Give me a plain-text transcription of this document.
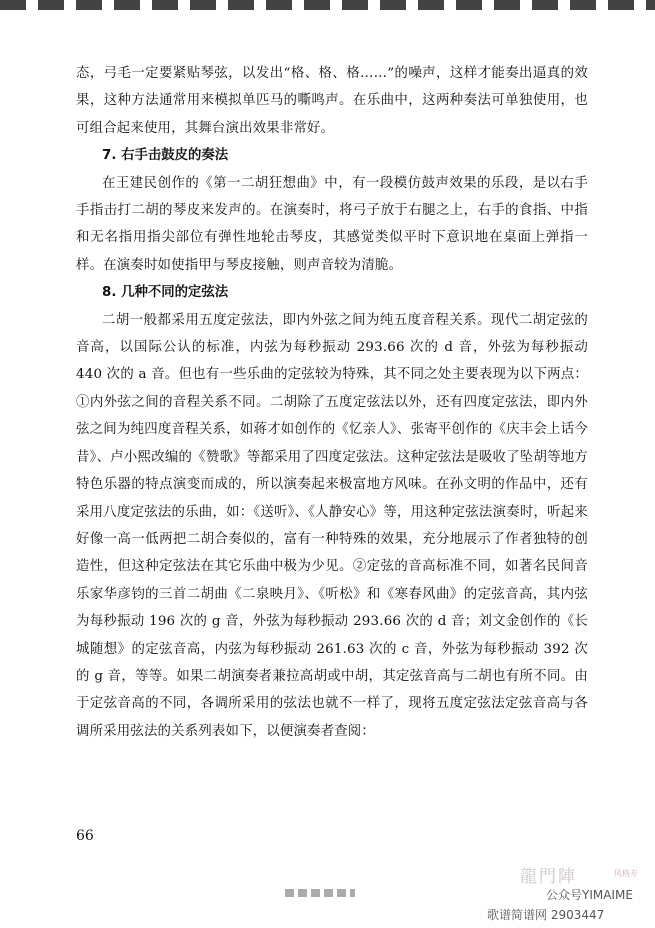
态，弓毛一定要紧贴琴弦，以发出“格、格、格……”的噪声，这样才能奏出逼真的效果，这种方法通常用来模拟单匹马的嘶鸣声。在乐曲中，这两种奏法可单独使用，也可组合起来使用，其舞台演出效果非常好。

7. 右手击鼓皮的奏法

在王建民创作的《第一二胡狂想曲》中，有一段模仿鼓声效果的乐段，是以右手手指击打二胡的琴皮来发声的。在演奏时，将弓子放于右腿之上，右手的食指、中指和无名指用指尖部位有弹性地轮击琴皮，其感觉类似平时下意识地在桌面上弹指一样。在演奏时如使指甲与琴皮接触，则声音较为清脆。

8. 几种不同的定弦法

二胡一般都采用五度定弦法，即内外弦之间为纯五度音程关系。现代二胡定弦的音高，以国际公认的标准，内弦为每秒振动 293.66 次的 d 音，外弦为每秒振动 440 次的 a 音。但也有一些乐曲的定弦较为特殊，其不同之处主要表现为以下两点：①内外弦之间的音程关系不同。二胡除了五度定弦法以外，还有四度定弦法，即内外弦之间为纯四度音程关系，如蒋才如创作的《忆亲人》、张寄平创作的《庆丰会上话今昔》、卢小熙改编的《赞歌》等都采用了四度定弦法。这种定弦法是吸收了坠胡等地方特色乐器的特点演变而成的，所以演奏起来极富地方风味。在孙文明的作品中，还有采用八度定弦法的乐曲，如：《送听》、《人静安心》等，用这种定弦法演奏时，听起来好像一高一低两把二胡合奏似的，富有一种特殊的效果，充分地展示了作者独特的创造性，但这种定弦法在其它乐曲中极为少见。②定弦的音高标准不同，如著名民间音乐家华彦钧的三首二胡曲《二泉映月》、《听松》和《寒春风曲》的定弦音高，其内弦为每秒振动 196 次的 g 音，外弦为每秒振动 293.66 次的 d 音；刘文金创作的《长城随想》的定弦音高，内弦为每秒振动 261.63 次的 c 音，外弦为每秒振动 392 次的 g 音，等等。如果二胡演奏者兼拉高胡或中胡，其定弦音高与二胡也有所不同。由于定弦音高的不同，各调所采用的弦法也就不一样了，现将五度定弦法定弦音高与各调所采用弦法的关系列表如下，以便演奏者查阅：

66
龍門陣	风格专
公众号YIMAIME
歌谱简谱网 2903447
